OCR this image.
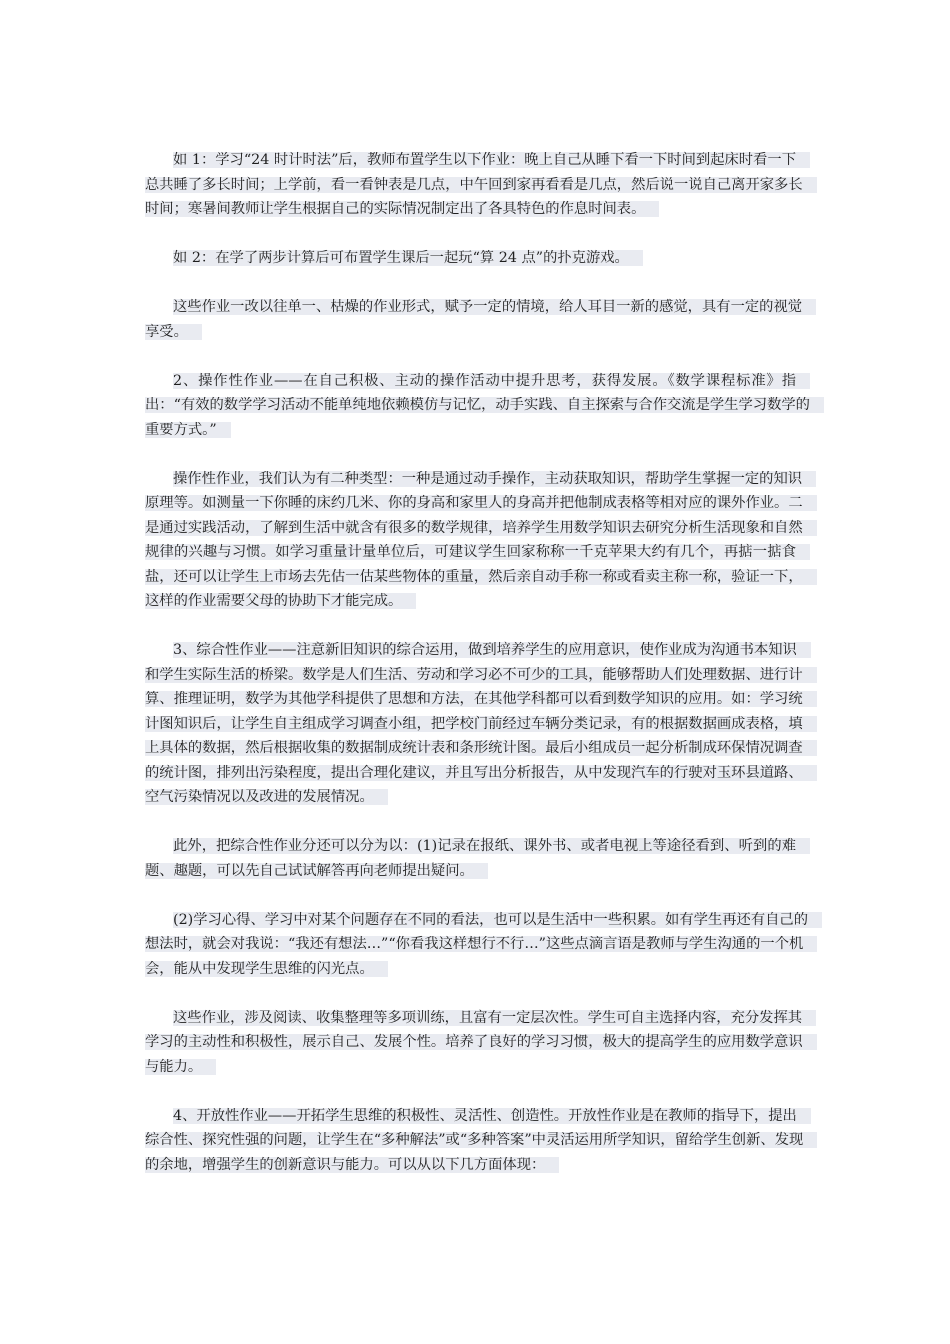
如 1：学习“24 时计时法”后，教师布置学生以下作业：晚上自己从睡下看一下时间到起床时看一下总共睡了多长时间；上学前，看一看钟表是几点，中午回到家再看看是几点，然后说一说自己离开家多长时间；寒暑间教师让学生根据自己的实际情况制定出了各具特色的作息时间表。

如 2：在学了两步计算后可布置学生课后一起玩“算 24 点”的扑克游戏。

这些作业一改以往单一、枯燥的作业形式，赋予一定的情境，给人耳目一新的感觉，具有一定的视觉享受。

2、操作性作业——在自己积极、主动的操作活动中提升思考，获得发展。《数学课程标准》指出：“有效的数学学习活动不能单纯地依赖模仿与记忆，动手实践、自主探索与合作交流是学生学习数学的重要方式。”

操作性作业，我们认为有二种类型：一种是通过动手操作，主动获取知识，帮助学生掌握一定的知识原理等。如测量一下你睡的床约几米、你的身高和家里人的身高并把他制成表格等相对应的课外作业。二是通过实践活动，了解到生活中就含有很多的数学规律，培养学生用数学知识去研究分析生活现象和自然规律的兴趣与习惯。如学习重量计量单位后，可建议学生回家称称一千克苹果大约有几个，再掂一掂食盐，还可以让学生上市场去先估一估某些物体的重量，然后亲自动手称一称或看卖主称一称，验证一下，这样的作业需要父母的协助下才能完成。

3、综合性作业——注意新旧知识的综合运用，做到培养学生的应用意识，使作业成为沟通书本知识和学生实际生活的桥梁。数学是人们生活、劳动和学习必不可少的工具，能够帮助人们处理数据、进行计算、推理证明，数学为其他学科提供了思想和方法，在其他学科都可以看到数学知识的应用。如：学习统计图知识后，让学生自主组成学习调查小组，把学校门前经过车辆分类记录，有的根据数据画成表格，填上具体的数据，然后根据收集的数据制成统计表和条形统计图。最后小组成员一起分析制成环保情况调查的统计图，排列出污染程度，提出合理化建议，并且写出分析报告，从中发现汽车的行驶对玉环县道路、空气污染情况以及改进的发展情况。

此外，把综合性作业分还可以分为以：(1)记录在报纸、课外书、或者电视上等途径看到、听到的难题、趣题，可以先自己试试解答再向老师提出疑问。

(2)学习心得、学习中对某个问题存在不同的看法，也可以是生活中一些积累。如有学生再还有自己的想法时，就会对我说：“我还有想法…”“你看我这样想行不行…”这些点滴言语是教师与学生沟通的一个机会，能从中发现学生思维的闪光点。

这些作业，涉及阅读、收集整理等多项训练，且富有一定层次性。学生可自主选择内容，充分发挥其学习的主动性和积极性，展示自己、发展个性。培养了良好的学习习惯，极大的提高学生的应用数学意识与能力。

4、开放性作业——开拓学生思维的积极性、灵活性、创造性。开放性作业是在教师的指导下，提出综合性、探究性强的问题，让学生在“多种解法”或“多种答案”中灵活运用所学知识，留给学生创新、发现的余地，增强学生的创新意识与能力。可以从以下几方面体现：
